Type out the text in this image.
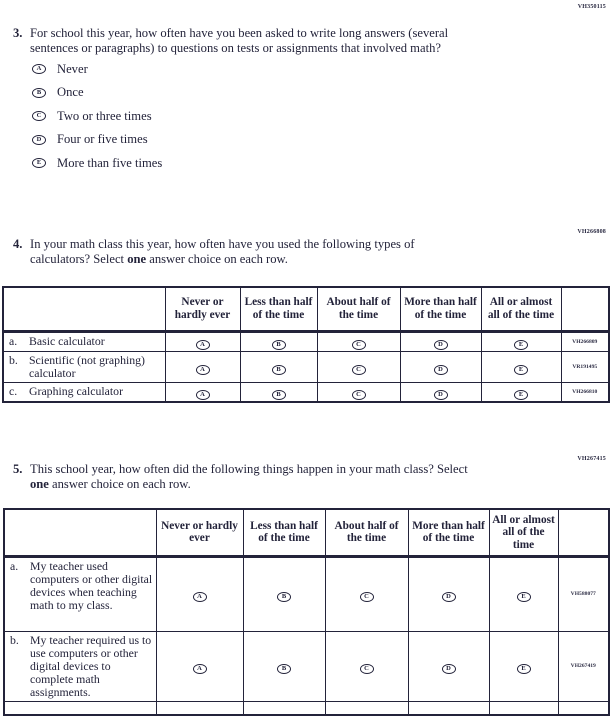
VH350115
3. For school this year, how often have you been asked to write long answers (several
sentences or paragraphs) to questions on tests or assignments that involved math?
A	Never
B	Once
C	Two or three times
D	Four or five times
E	More than five times
VH266808
4. In your math class this year, how often have you used the following types of
calculators? Select one answer choice on each row.
	Never or hardly ever	Less than half of the time	About half of the time	More than half of the time	All or almost all of the time	

a. Basic calculator	A	B	C	D	E	VH266809

b. Scientific (not graphing) calculator	A	B	C	D	E	VR191495

c. Graphing calculator	A	B	C	D	E	VH266810
VH267415
5. This school year, how often did the following things happen in your math class? Select
one answer choice on each row.
	Never or hardly ever	Less than half of the time	About half of the time	More than half of the time	All or almost all of the time	

a. My teacher used computers or other digital devices when teaching math to my class.	A	B	C	D	E	VH588077

b. My teacher required us to use computers or other digital devices to complete math assignments.	A	B	C	D	E	VH267419
